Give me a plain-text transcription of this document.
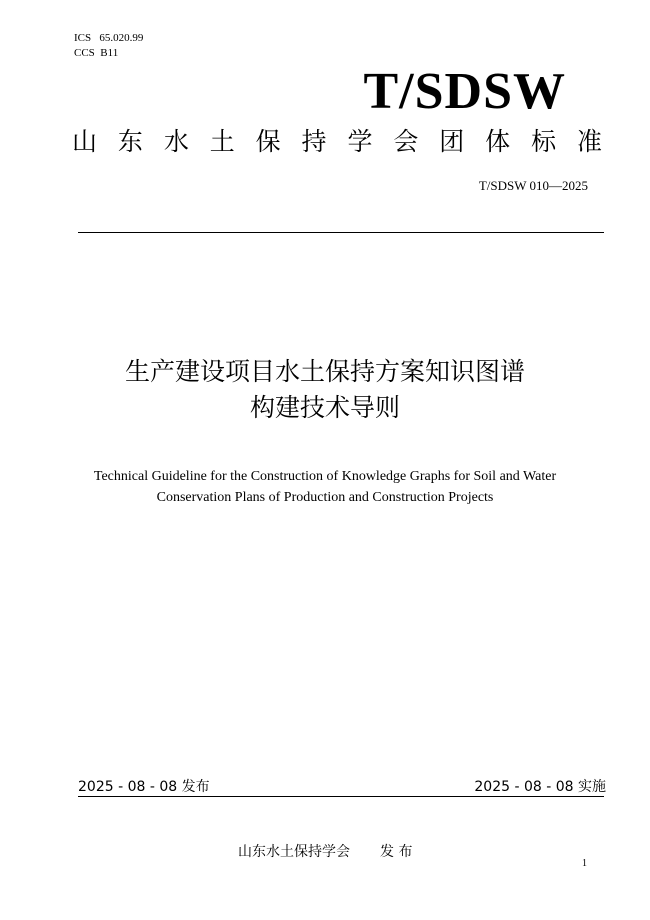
ICS   65.020.99
CCS  B11
T/SDSW
山 东 水 土 保 持 学 会 团 体 标 准
T/SDSW 010—2025
生产建设项目水土保持方案知识图谱
构建技术导则
Technical Guideline for the Construction of Knowledge Graphs for Soil and Water
Conservation Plans of Production and Construction Projects
2025 - 08 - 08 发布	2025 - 08 - 08 实施
山东水土保持学会 发 布
1
